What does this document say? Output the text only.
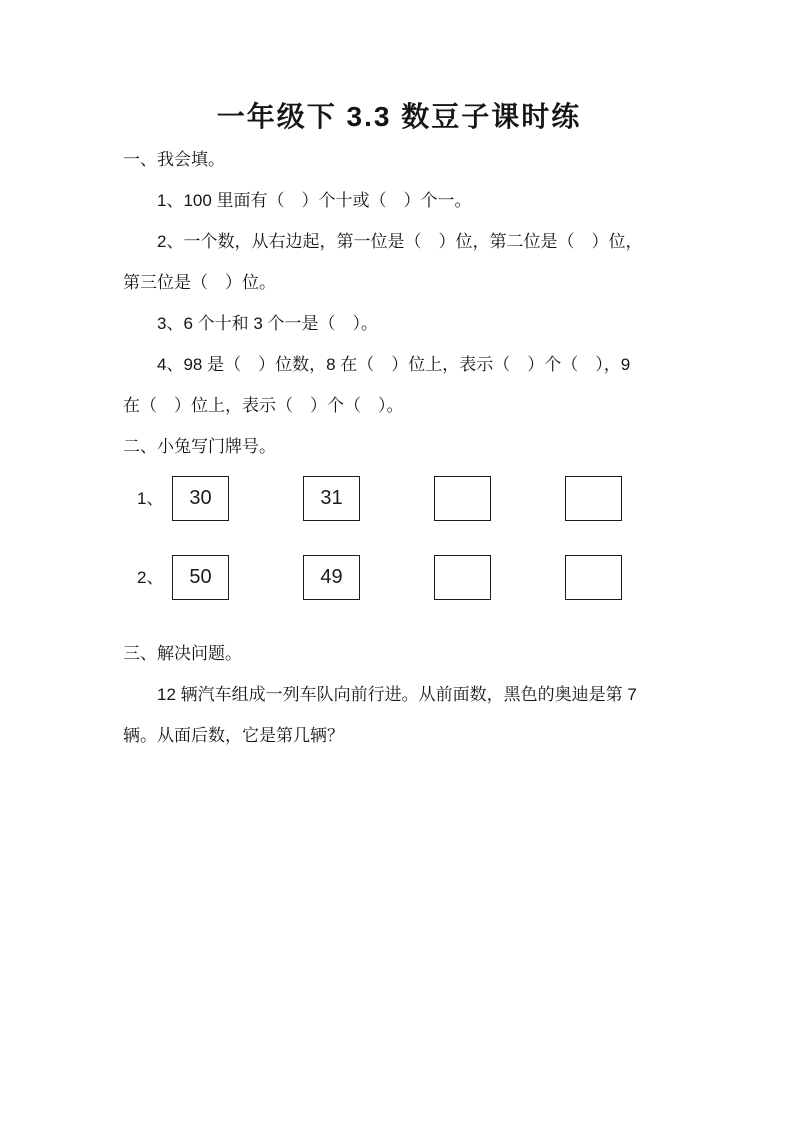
一年级下 3.3 数豆子课时练

一、我会填。

1、100 里面有（　）个十或（　）个一。

2、一个数，从右边起，第一位是（　）位，第二位是（　）位，

第三位是（　）位。

3、6 个十和 3 个一是（　）。

4、98 是（　）位数，8 在（　）位上，表示（　）个（　），9

在（　）位上，表示（　）个（　）。

二、小兔写门牌号。

1、	30	31
2、	50	49

三、解决问题。

12 辆汽车组成一列车队向前行进。从前面数，黑色的奥迪是第 7

辆。从面后数，它是第几辆？
